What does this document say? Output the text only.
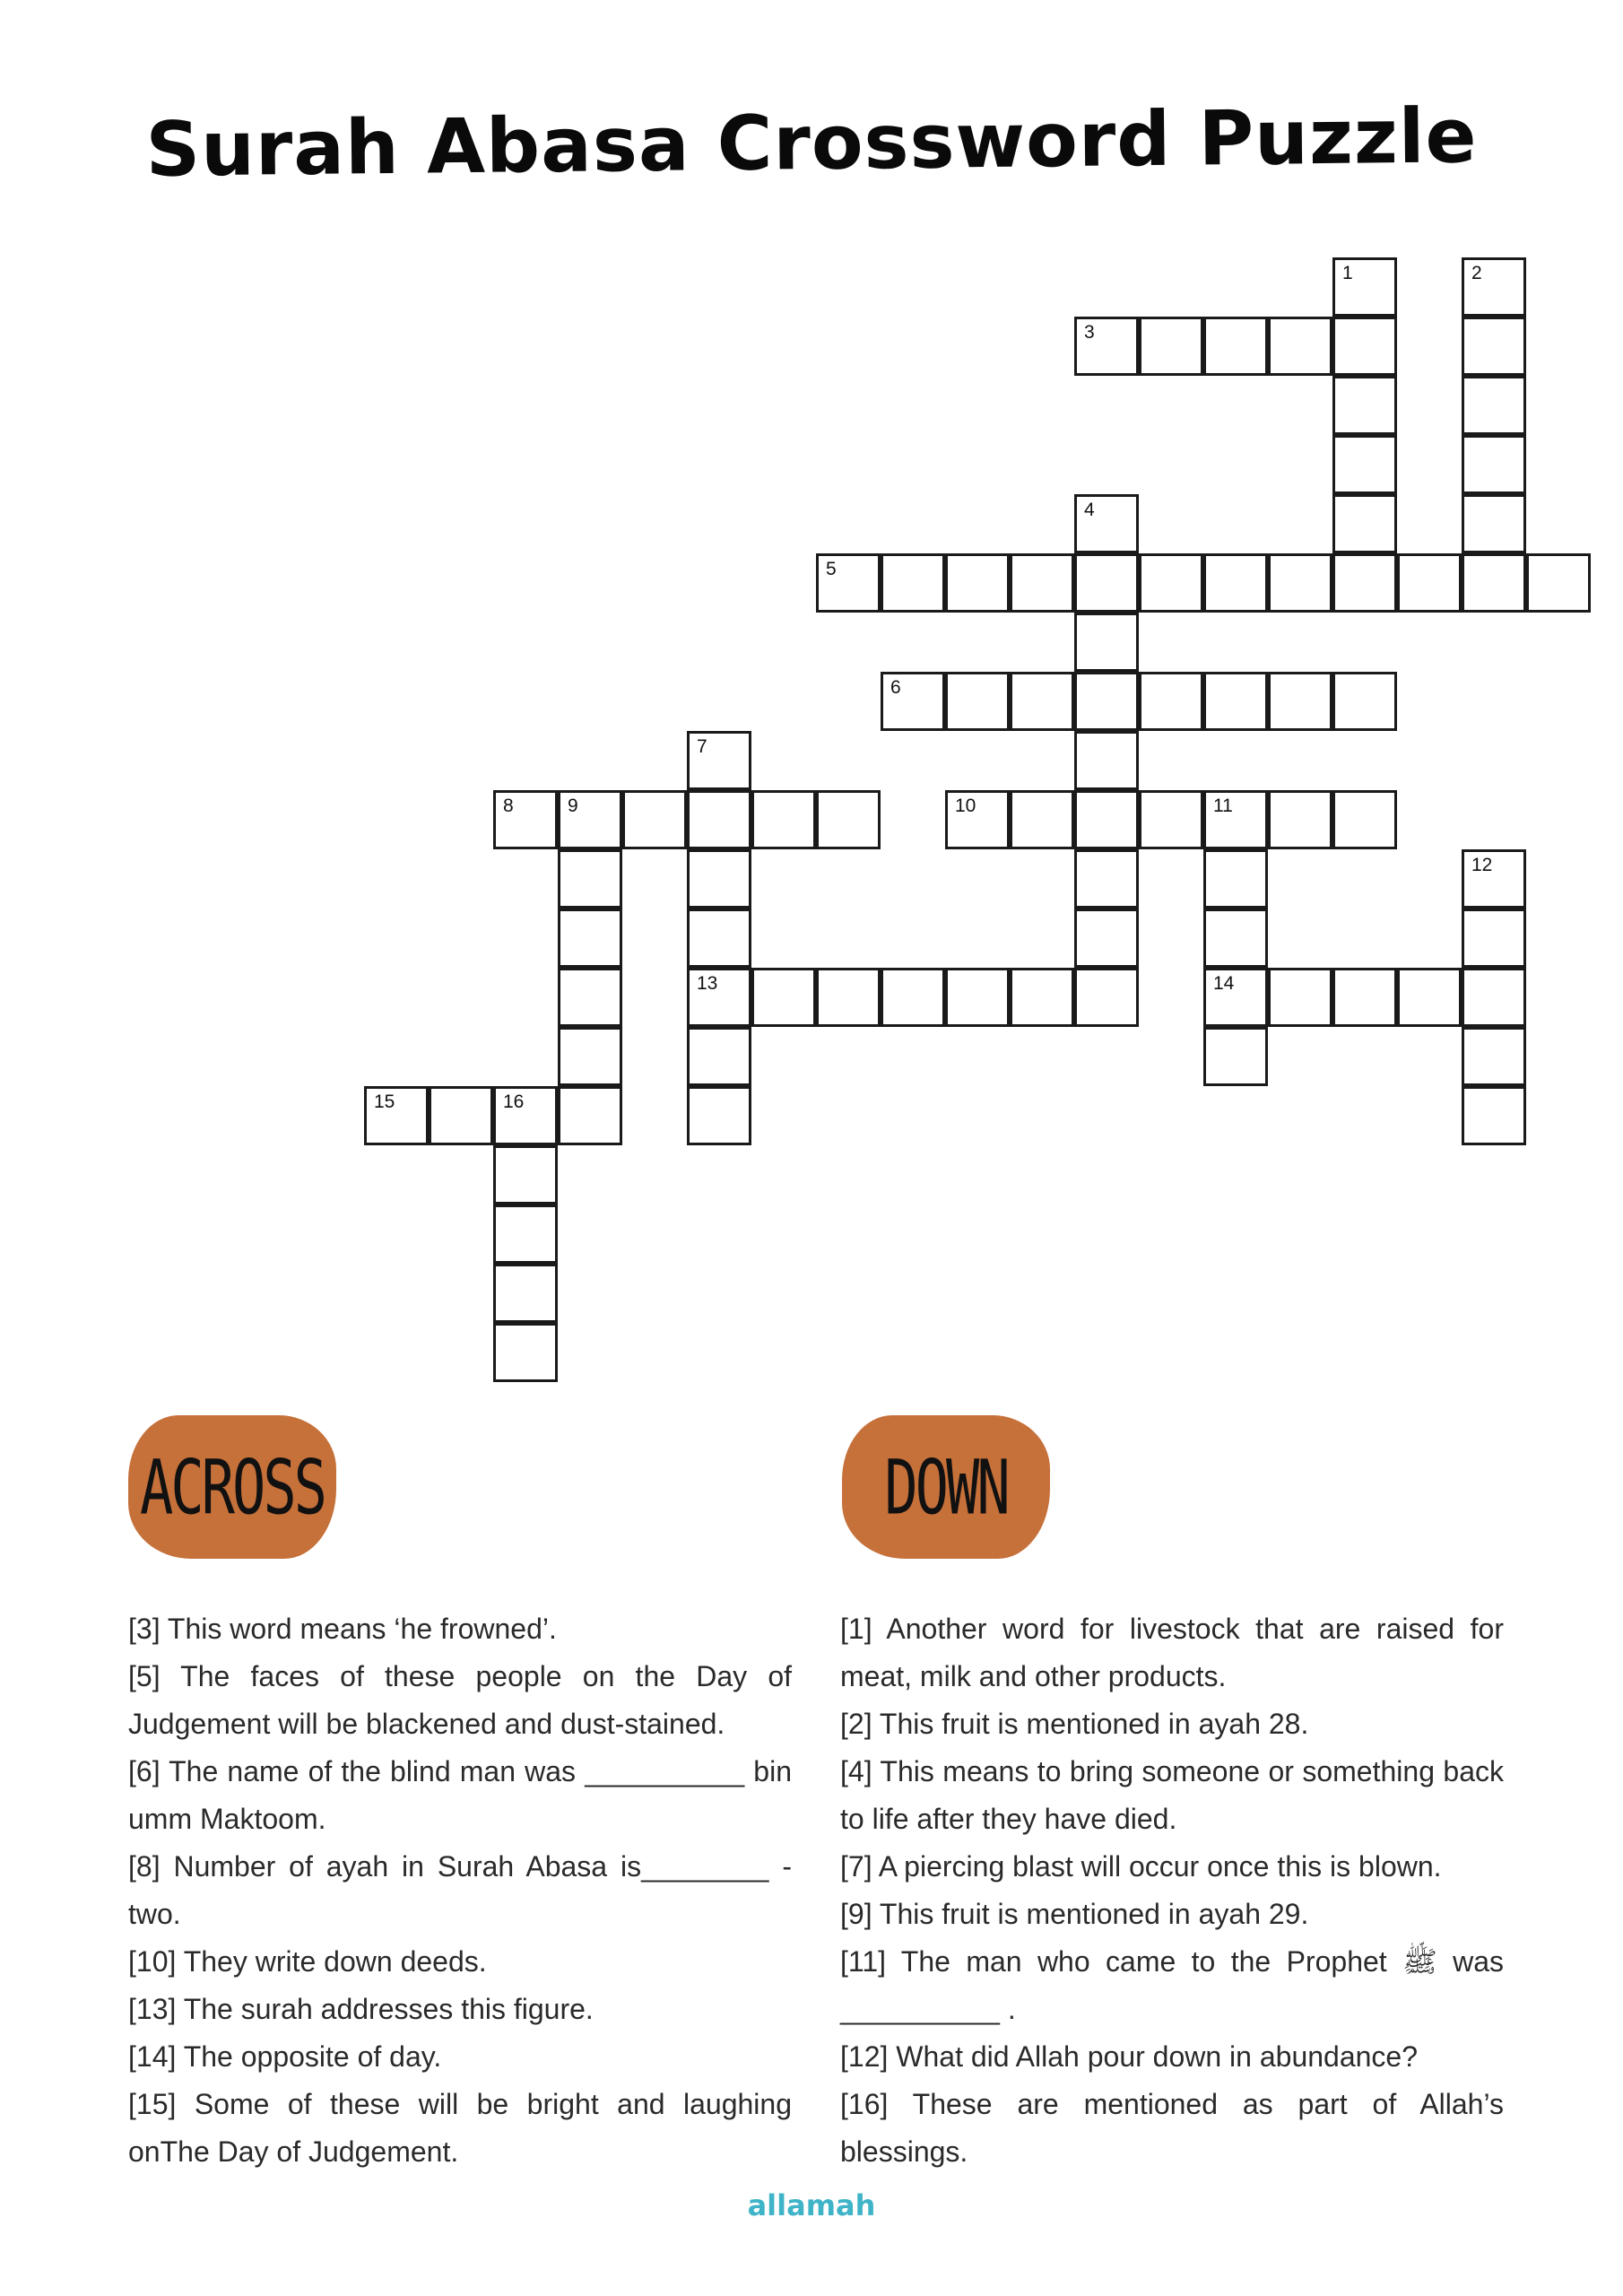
Surah Abasa Crossword Puzzle
1	2
3
4
5
6
7
8	9	10	11
12
13	14
15	16
ACROSS	DOWN

[3] This word means ‘he frowned’.

[5] The faces of these people on the Day of Judgement will be blackened and dust-stained.

[6] The name of the blind man was __________ bin umm Maktoom.

[8] Number of ayah in Surah Abasa is________ - two.

[10] They write down deeds.

[13] The surah addresses this figure.

[14] The opposite of day.

[15] Some of these will be bright and laughing onThe Day of Judgement.

[1] Another word for livestock that are raised for meat, milk and other products.

[2] This fruit is mentioned in ayah 28.

[4] This means to bring someone or something back to life after they have died.

[7] A piercing blast will occur once this is blown.

[9] This fruit is mentioned in ayah 29.

[11] The man who came to the Prophet ﷺ was __________ .

[12] What did Allah pour down in abundance?

[16] These are mentioned as part of Allah’s blessings.

allamah
